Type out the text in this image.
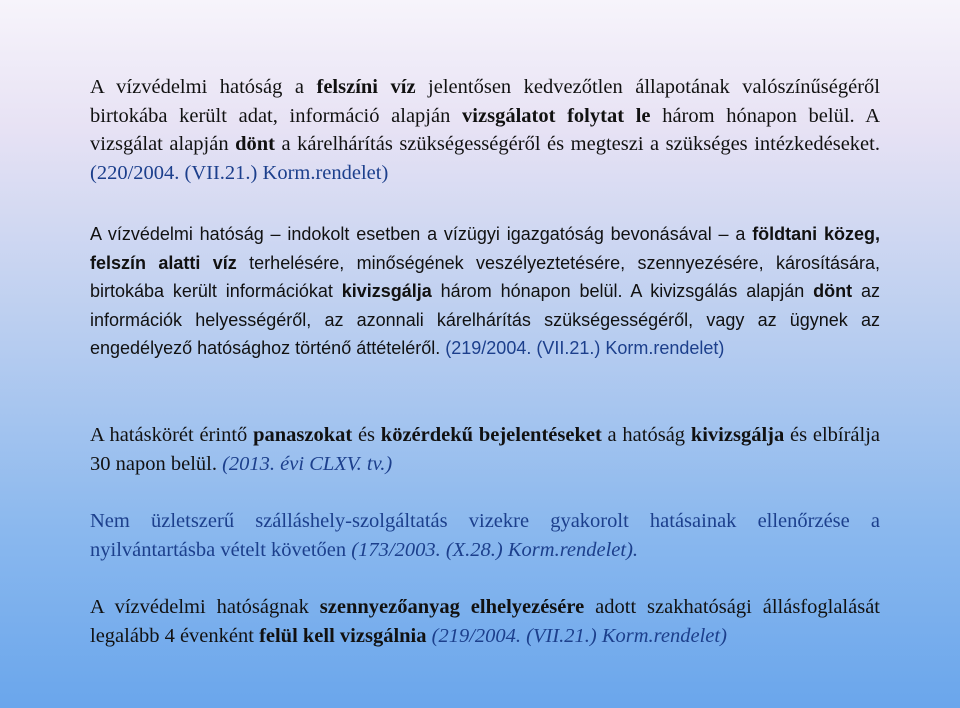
A vízvédelmi hatóság a felszíni víz jelentősen kedvezőtlen állapotának valószínűségéről birtokába került adat, információ alapján vizsgálatot folytat le három hónapon belül. A vizsgálat alapján dönt a kárelhárítás szükségességéről és megteszi a szükséges intézkedéseket. (220/2004. (VII.21.) Korm.rendelet)
A vízvédelmi hatóság – indokolt esetben a vízügyi igazgatóság bevonásával – a földtani közeg, felszín alatti víz terhelésére, minőségének veszélyeztetésére, szennyezésére, károsítására, birtokába került információkat kivizsgálja három hónapon belül. A kivizsgálás alapján dönt az információk helyességéről, az azonnali kárelhárítás szükségességéről, vagy az ügynek az engedélyező hatósághoz történő áttételéről. (219/2004. (VII.21.) Korm.rendelet)
A hatáskörét érintő panaszokat és közérdekű bejelentéseket a hatóság kivizsgálja és elbírálja 30 napon belül. (2013. évi CLXV. tv.)
Nem üzletszerű szálláshely-szolgáltatás vizekre gyakorolt hatásainak ellenőrzése a nyilvántartásba vételt követően (173/2003. (X.28.) Korm.rendelet).
A vízvédelmi hatóságnak szennyezőanyag elhelyezésére adott szakhatósági állásfoglalását legalább 4 évenként felül kell vizsgálnia (219/2004. (VII.21.) Korm.rendelet)
